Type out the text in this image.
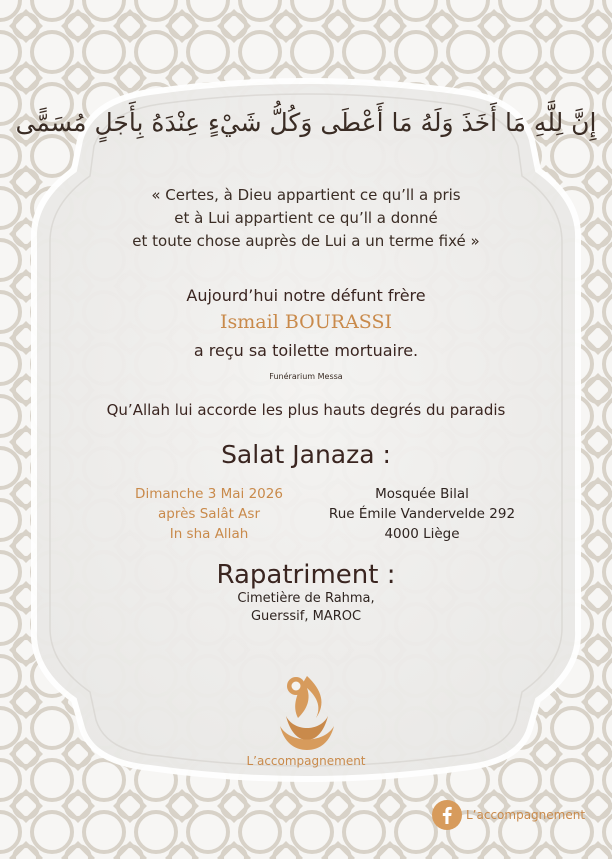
إِنَّ لِلَّهِ مَا أَخَذَ وَلَهُ مَا أَعْطَى وَكُلُّ شَيْءٍ عِنْدَهُ بِأَجَلٍ مُسَمًّى
« Certes, à Dieu appartient ce qu’ll a pris
et à Lui appartient ce qu’ll a donné
et toute chose auprès de Lui a un terme fixé »
Aujourd’hui notre défunt frère
Ismail BOURASSI
a reçu sa toilette mortuaire.
Funérarium Messa
Qu’Allah lui accorde les plus hauts degrés du paradis
Salat Janaza :
Dimanche 3 Mai 2026
après Salât Asr
In sha Allah
Mosquée Bilal
Rue Émile Vandervelde 292
4000 Liège
Rapatriment :
Cimetière de Rahma,
Guerssif, MAROC
L’accompagnement
L’accompagnement
